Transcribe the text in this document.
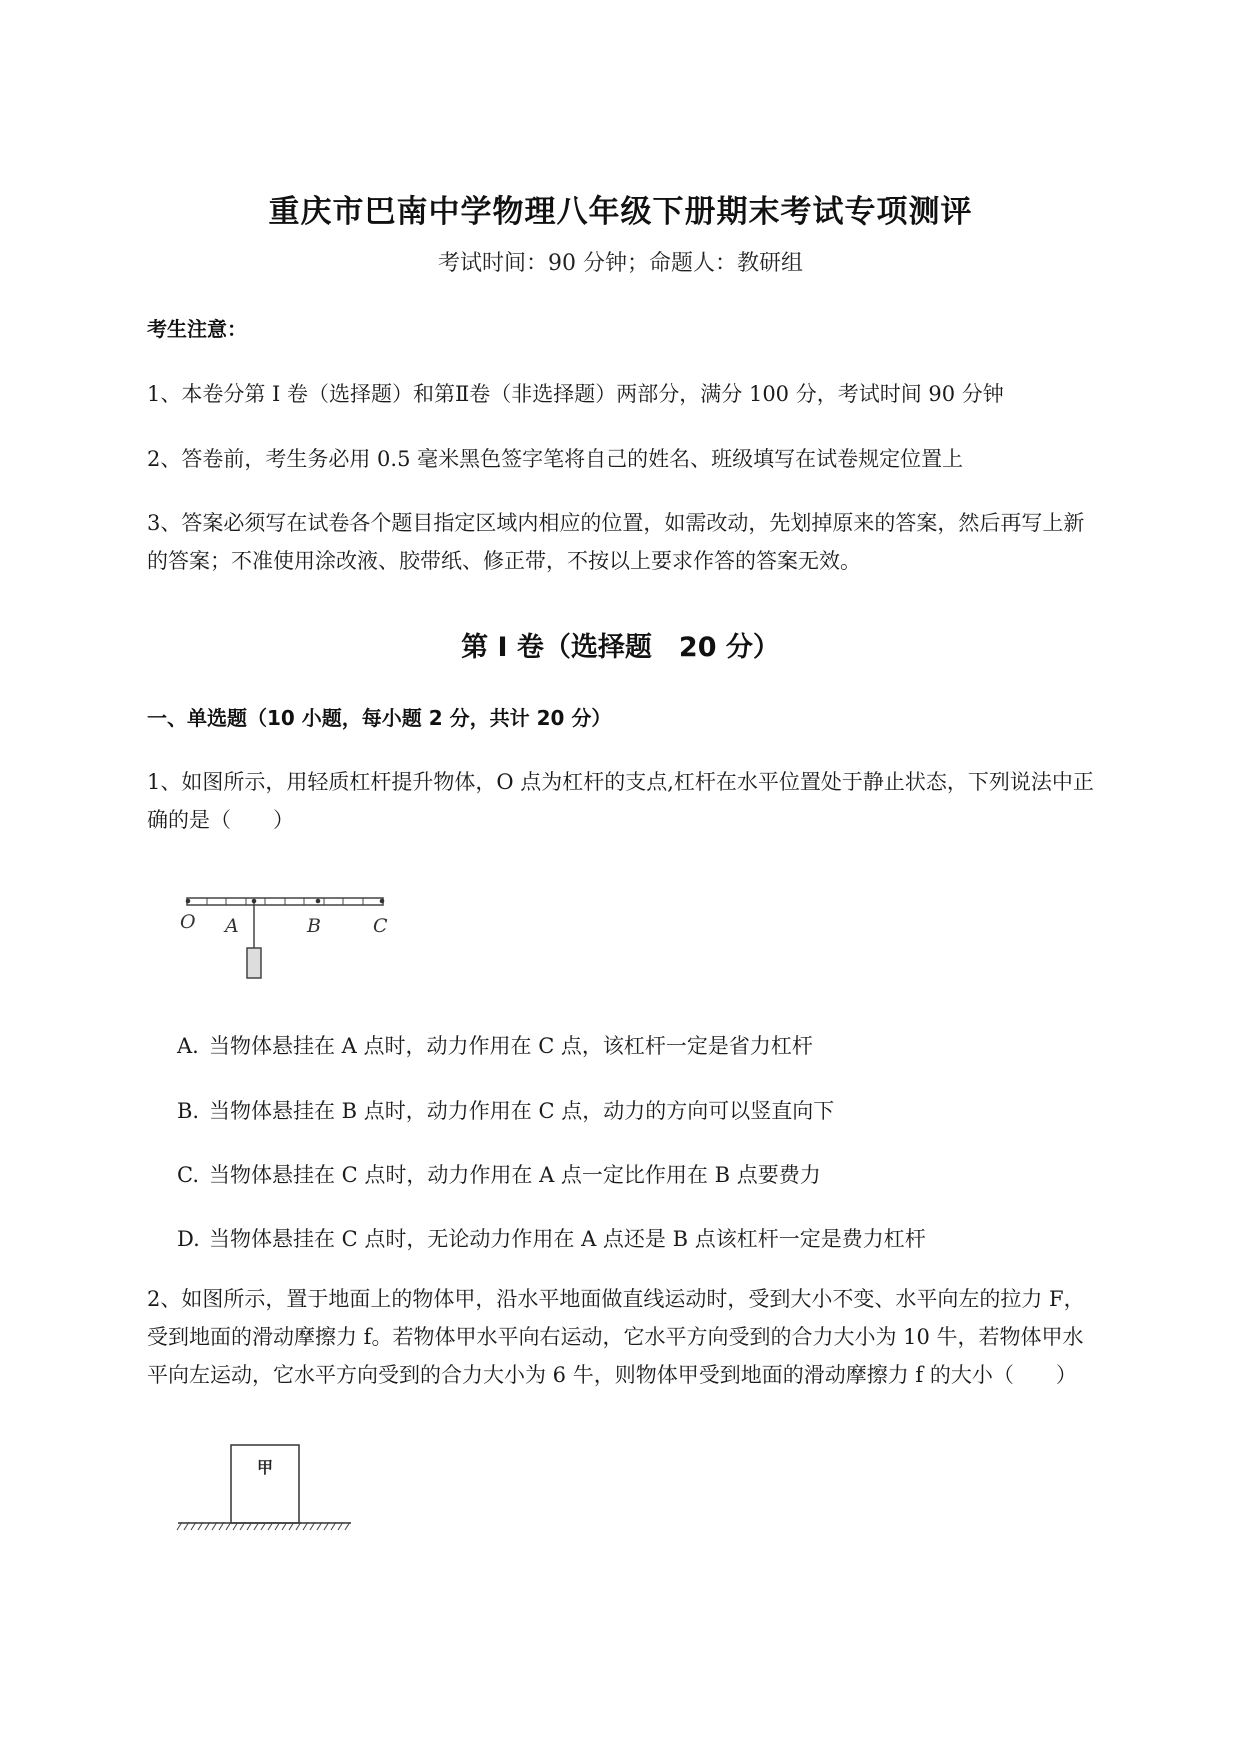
重庆市巴南中学物理八年级下册期末考试专项测评
考试时间：90 分钟；命题人：教研组
考生注意：
1、本卷分第 I 卷（选择题）和第Ⅱ卷（非选择题）两部分，满分 100 分，考试时间 90 分钟
2、答卷前，考生务必用 0.5 毫米黑色签字笔将自己的姓名、班级填写在试卷规定位置上
3、答案必须写在试卷各个题目指定区域内相应的位置，如需改动，先划掉原来的答案，然后再写上新的答案；不准使用涂改液、胶带纸、修正带，不按以上要求作答的答案无效。
第 I 卷（选择题　20 分）
一、单选题（10 小题，每小题 2 分，共计 20 分）
1、如图所示，用轻质杠杆提升物体，O 点为杠杆的支点,杠杆在水平位置处于静止状态，下列说法中正确的是（　　）
O A	B	C
A. 当物体悬挂在 A 点时，动力作用在 C 点，该杠杆一定是省力杠杆
B. 当物体悬挂在 B 点时，动力作用在 C 点，动力的方向可以竖直向下
C. 当物体悬挂在 C 点时，动力作用在 A 点一定比作用在 B 点要费力
D. 当物体悬挂在 C 点时，无论动力作用在 A 点还是 B 点该杠杆一定是费力杠杆
2、如图所示，置于地面上的物体甲，沿水平地面做直线运动时，受到大小不变、水平向左的拉力 F，受到地面的滑动摩擦力 f。若物体甲水平向右运动，它水平方向受到的合力大小为 10 牛，若物体甲水平向左运动，它水平方向受到的合力大小为 6 牛，则物体甲受到地面的滑动摩擦力 f 的大小（　　）
甲
